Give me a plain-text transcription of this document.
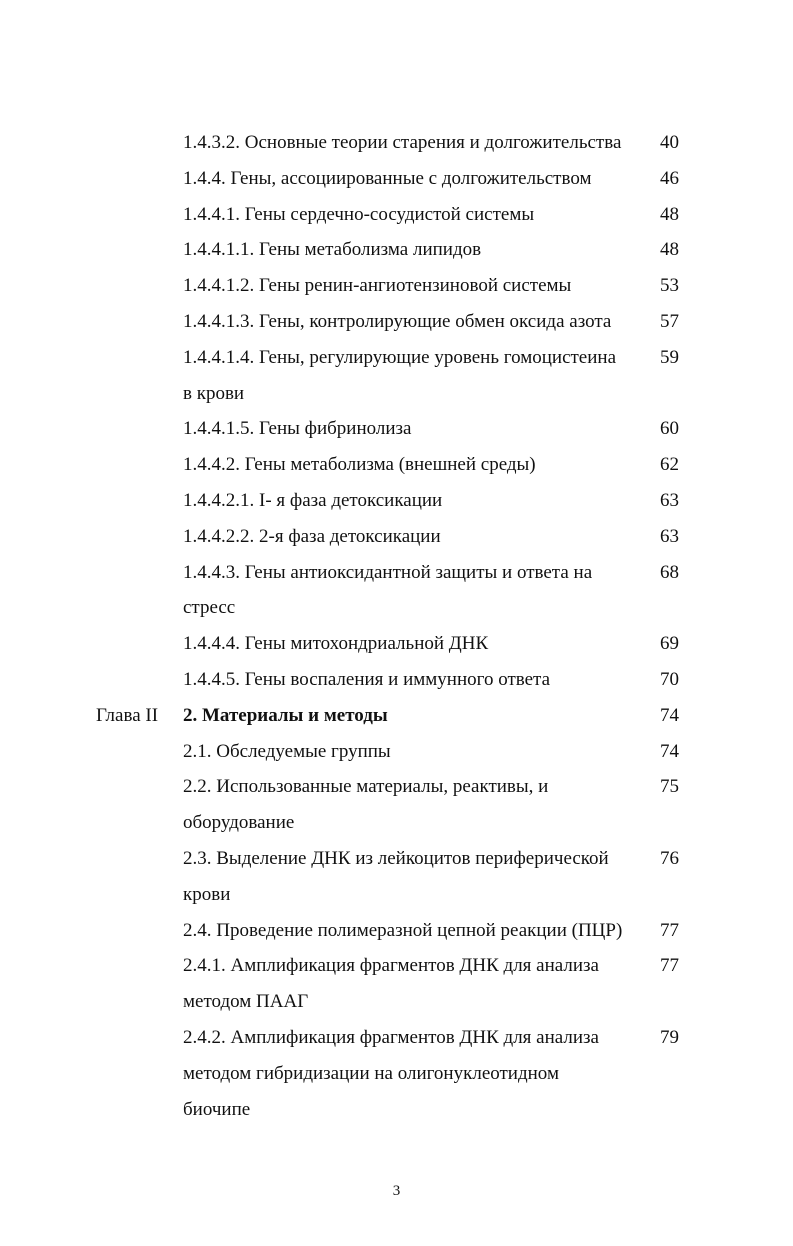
1.4.3.2. Основные теории старения и долгожительства 40
1.4.4. Гены, ассоциированные с долгожительством	46
1.4.4.1. Гены сердечно-сосудистой системы	48
1.4.4.1.1. Гены метаболизма липидов	48
1.4.4.1.2. Гены ренин-ангиотензиновой системы	53
1.4.4.1.3. Гены, контролирующие обмен оксида азота	57
1.4.4.1.4. Гены, регулирующие уровень гомоцистеина 59
в крови
1.4.4.1.5. Гены фибринолиза	60
1.4.4.2. Гены метаболизма (внешней среды)	62
1.4.4.2.1. I- я фаза детоксикации	63
1.4.4.2.2. 2-я фаза детоксикации	63
1.4.4.3. Гены антиоксидантной защиты и ответа на	68
стресс
1.4.4.4. Гены митохондриальной ДНК	69
1.4.4.5. Гены воспаления и иммунного ответа	70
Глава II 2. Материалы и методы	74
2.1. Обследуемые группы	74
2.2. Использованные материалы, реактивы, и	75
оборудование
2.3. Выделение ДНК из лейкоцитов периферической	76
крови
2.4. Проведение полимеразной цепной реакции (ПЦР) 77
2.4.1. Амплификация фрагментов ДНК для анализа	77
методом ПААГ
2.4.2. Амплификация фрагментов ДНК для анализа	79
методом гибридизации на олигонуклеотидном
биочипе
3
